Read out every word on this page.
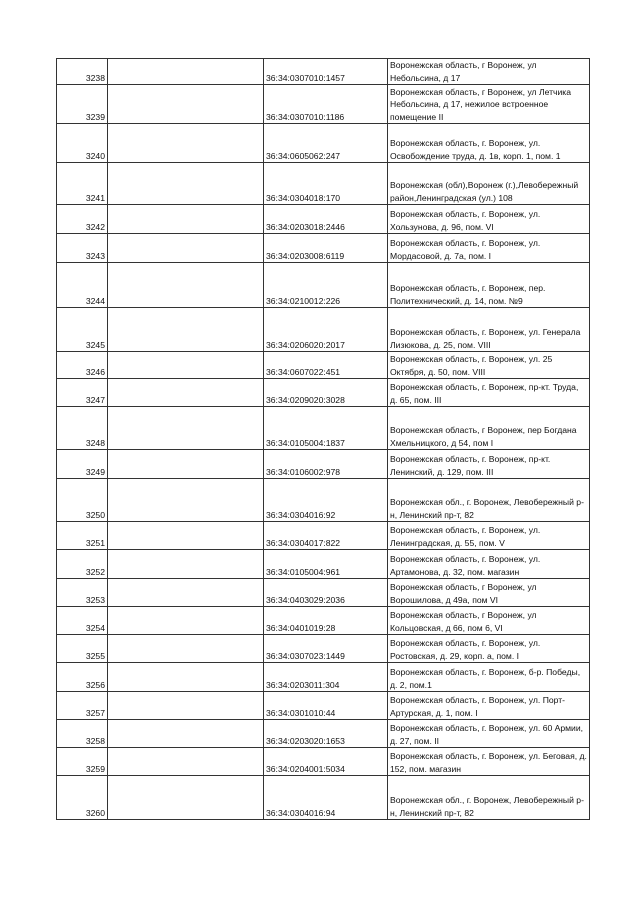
3238		36:34:0307010:1457	Воронежская область, г Воронеж, ул Небольсина, д 17
3239		36:34:0307010:1186	Воронежская область, г Воронеж, ул Летчика Небольсина, д 17, нежилое встроенное помещение II
3240		36:34:0605062:247	Воронежская область, г. Воронеж, ул. Освобождение труда, д. 1в, корп. 1, пом. 1
3241		36:34:0304018:170	Воронежская (обл),Воронеж (г.),Левобережный район,Ленинградская (ул.) 108
3242		36:34:0203018:2446	Воронежская область, г. Воронеж, ул. Хользунова, д. 96, пом. VI
3243		36:34:0203008:6119	Воронежская область, г. Воронеж, ул. Мордасовой, д. 7а, пом. I
3244		36:34:0210012:226	Воронежская область, г. Воронеж, пер. Политехнический, д. 14, пом. №9
3245		36:34:0206020:2017	Воронежская область, г. Воронеж, ул. Генерала Лизюкова, д. 25, пом. VIII
3246		36:34:0607022:451	Воронежская область, г. Воронеж, ул. 25 Октября, д. 50, пом. VIII
3247		36:34:0209020:3028	Воронежская область, г. Воронеж, пр-кт. Труда, д. 65, пом. III
3248		36:34:0105004:1837	Воронежская область, г Воронеж, пер Богдана Хмельницкого, д 54, пом I
3249		36:34:0106002:978	Воронежская область, г. Воронеж, пр-кт. Ленинский, д. 129, пом. III
3250		36:34:0304016:92	Воронежская обл., г. Воронеж, Левобережный р-н, Ленинский пр-т, 82
3251		36:34:0304017:822	Воронежская область, г. Воронеж, ул. Ленинградская, д. 55, пом. V
3252		36:34:0105004:961	Воронежская область, г. Воронеж, ул. Артамонова, д. 32, пом. магазин
3253		36:34:0403029:2036	Воронежская область, г Воронеж, ул Ворошилова, д 49а, пом VI
3254		36:34:0401019:28	Воронежская область, г Воронеж, ул Кольцовская, д 66, пом 6, VI
3255		36:34:0307023:1449	Воронежская область, г. Воронеж, ул. Ростовская, д. 29, корп. а, пом. I
3256		36:34:0203011:304	Воронежская область, г. Воронеж, б-р. Победы, д. 2, пом.1
3257		36:34:0301010:44	Воронежская область, г. Воронеж, ул. Порт-Артурская, д. 1, пом. I
3258		36:34:0203020:1653	Воронежская область, г. Воронеж, ул. 60 Армии, д. 27, пом. II
3259		36:34:0204001:5034	Воронежская область, г. Воронеж, ул. Беговая, д. 152, пом. магазин
3260		36:34:0304016:94	Воронежская обл., г. Воронеж, Левобережный р-н, Ленинский пр-т, 82
